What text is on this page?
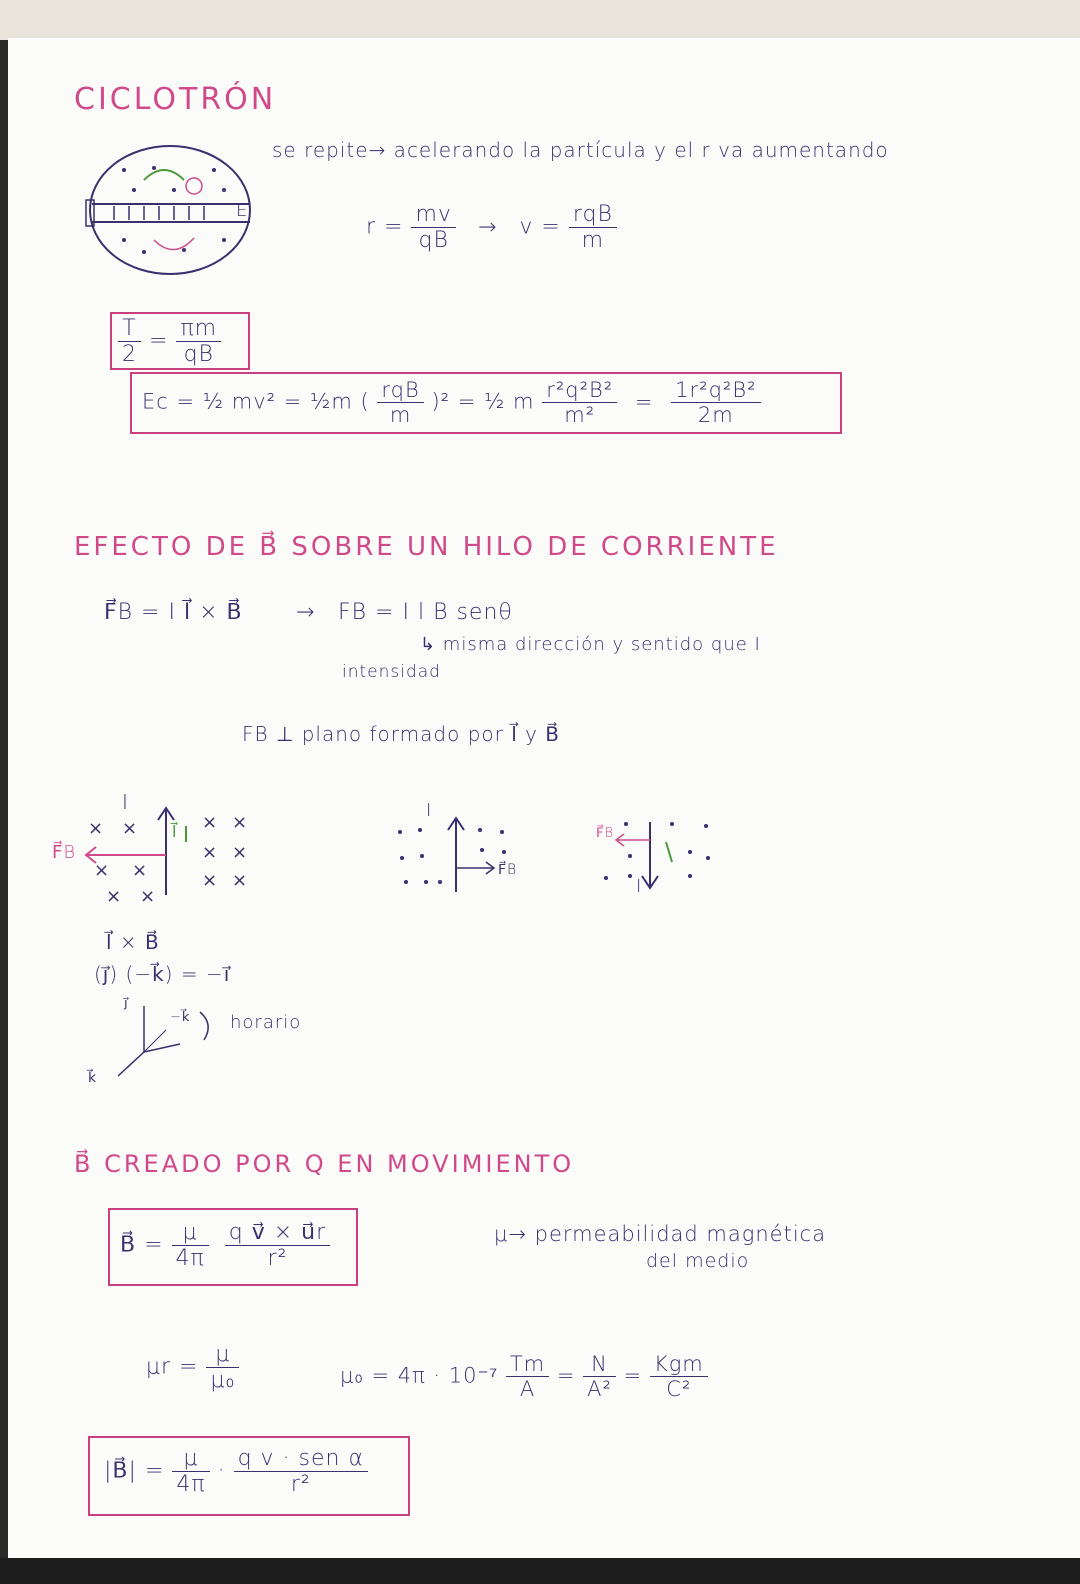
CICLOTRÓN
E
se repite→ acelerando la partícula y el r va aumentando
$r = \frac{mv}{qB} \to v = \frac{\text{rqB}}{m}$
$\frac{T}{2} = \frac{\pi m}{qB}$
Ec = ½ mv² = ½m ( $\frac{\text{rqB}}{m} )^2$ = ½ m $\frac{\text{r²q²B²}}{\text{m²}} = \frac{\text{1r²q²B²}}{2m}$
EFECTO DE B⃗ SOBRE UN HILO DE CORRIENTE
F⃗B = I l⃗ × B⃗ → FB = I l B senθ
↳ misma dirección y sentido que I
intensidad
FB ⊥ plano formado por l⃗ y B⃗
× ×	× ×
× ×
× ×
× ×
× ×
I
F⃗B
l⃗
I
F⃗B
F⃗B
I
l⃗ × B⃗
(j⃗) (−k⃗) = −i⃗
j⃗
−k⃗
k⃗
horario
B⃗ CREADO POR Q EN MOVIMIENTO
B⃗ = $\frac{\mu}{4\pi}$
$\frac{\text{q v⃗ × u⃗r}}{\text{r²}}$	μ→ permeabilidad magnética
del medio
$\mu r = \frac{\mu}{\text{μ₀}}$	$\mu_0 = 4\pi \cdot 10^{-7} \frac{Tm}{A} = \frac{N}{\text{A²}} = \frac{\text{Kgm}}{\text{C²}}$
|B⃗| = $\frac{\mu}{4\pi} \cdot \frac{\text{q v · sen α}}{\text{r²}}$
